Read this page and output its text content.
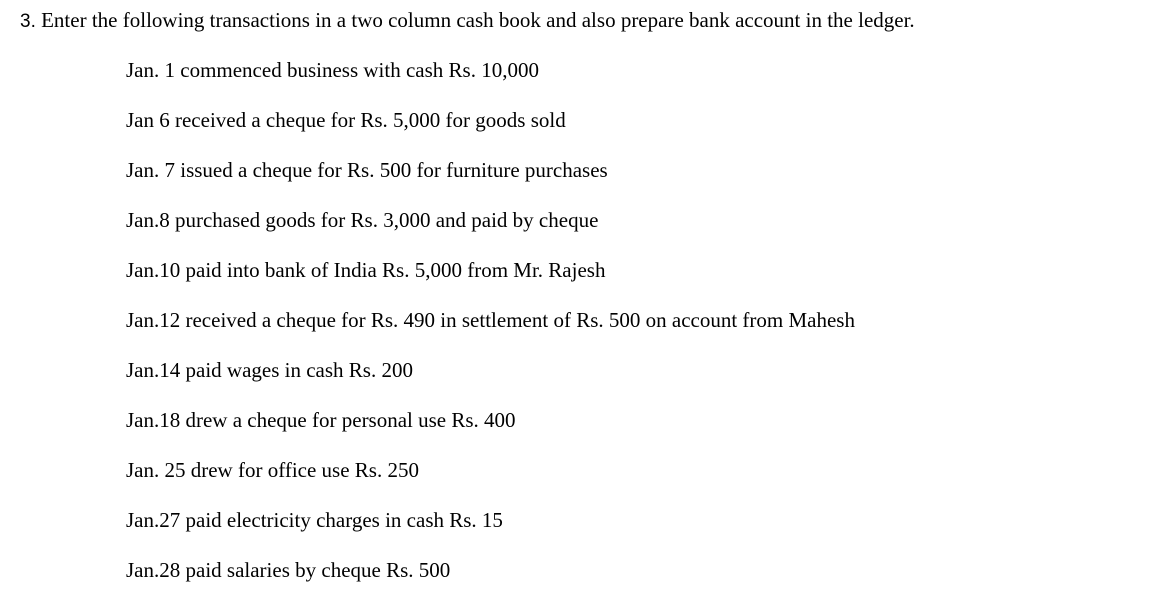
3. Enter the following transactions in a two column cash book and also prepare bank account in the ledger.
Jan. 1 commenced business with cash Rs. 10,000
Jan 6 received a cheque for Rs. 5,000 for goods sold
Jan. 7 issued a cheque for Rs. 500 for furniture purchases
Jan.8 purchased goods for Rs. 3,000 and paid by cheque
Jan.10 paid into bank of India Rs. 5,000 from Mr. Rajesh
Jan.12 received a cheque for Rs. 490 in settlement of Rs. 500 on account from Mahesh
Jan.14 paid wages in cash Rs. 200
Jan.18 drew a cheque for personal use Rs. 400
Jan. 25 drew for office use Rs. 250
Jan.27 paid electricity charges in cash Rs. 15
Jan.28 paid salaries by cheque Rs. 500
